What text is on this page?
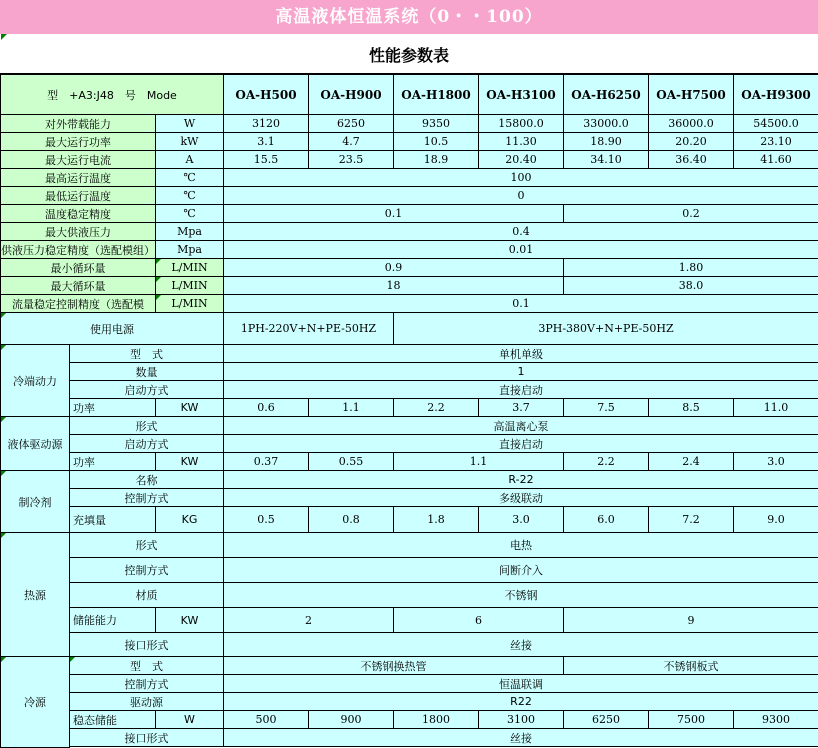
高温液体恒温系统（0・・100）
性能参数表
型　+A3:J48　号　Mode	OA-H500	OA-H900	OA-H1800	OA-H3100	OA-H6250	OA-H7500	OA-H9300
对外带载能力	W	3120	6250	9350	15800.0	33000.0	36000.0	54500.0
最大运行功率	kW	3.1	4.7	10.5	11.30	18.90	20.20	23.10
最大运行电流	A	15.5	23.5	18.9	20.40	34.10	36.40	41.60
最高运行温度	℃	100
最低运行温度	℃	0
温度稳定精度	℃	0.1	0.2
最大供液压力	Mpa	0.4
供液压力稳定精度（选配模组）	Mpa	0.01
最小循环量	L/MIN	0.9	1.80
最大循环量	L/MIN	18	38.0
流量稳定控制精度（选配模	L/MIN	0.1
使用电源	1PH-220V+N+PE-50HZ	3PH-380V+N+PE-50HZ
冷端动力
型　式	单机单级
数量	1
启动方式	直接启动
功率	KW	0.6	1.1	2.2	3.7	7.5	8.5	11.0
液体驱动源
形式	高温离心泵
启动方式	直接启动
功率	KW	0.37	0.55	1.1	2.2	2.4	3.0
制冷剂
名称	R-22
控制方式	多级联动
充填量	KG	0.5	0.8	1.8	3.0	6.0	7.2	9.0
热源
形式	电热
控制方式	间断介入
材质	不锈钢
储能能力	KW	2	6	9
接口形式	丝接
冷源
型　式	不锈钢换热管	不锈钢板式
控制方式	恒温联调
驱动源	R22
稳态储能	W	500	900	1800	3100	6250	7500	9300
接口形式	丝接
